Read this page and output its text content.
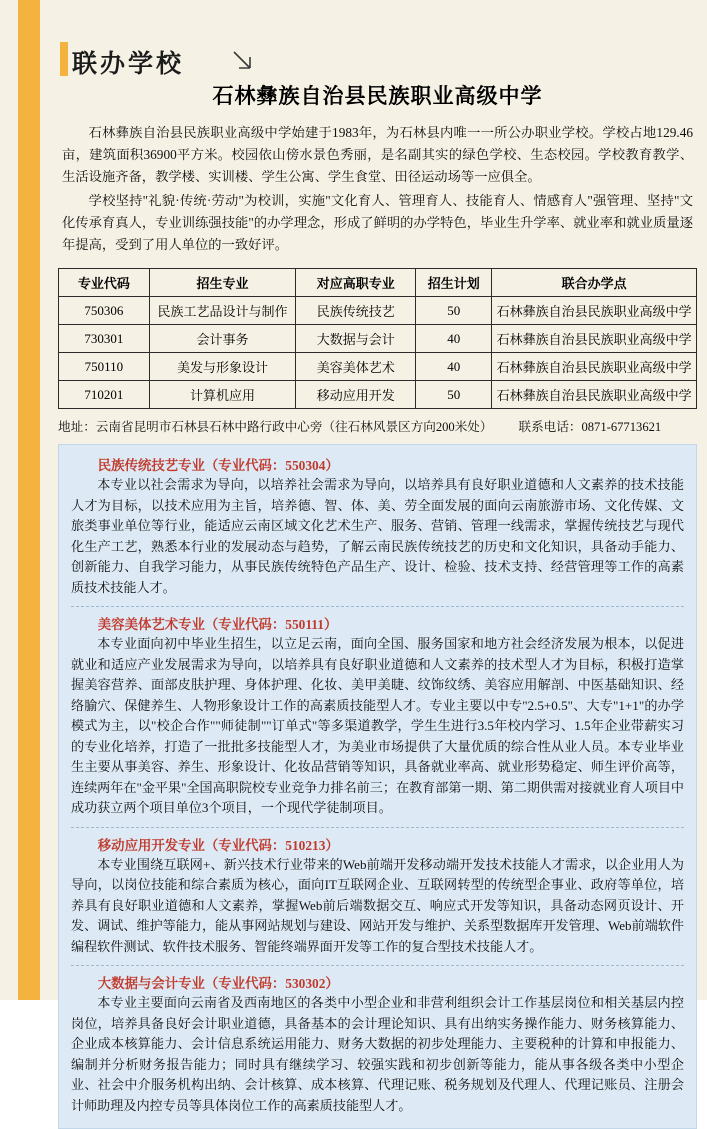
联办学校
石林彝族自治县民族职业高级中学

石林彝族自治县民族职业高级中学始建于1983年，为石林县内唯一一所公办职业学校。学校占地129.46亩，建筑面积36900平方米。校园依山傍水景色秀丽，是名副其实的绿色学校、生态校园。学校教育教学、生活设施齐备，教学楼、实训楼、学生公寓、学生食堂、田径运动场等一应俱全。

学校坚持"礼貌·传统·劳动"为校训，实施"文化育人、管理育人、技能育人、情感育人"强管理、坚持"文化传承育真人，专业训练强技能"的办学理念，形成了鲜明的办学特色，毕业生升学率、就业率和就业质量逐年提高，受到了用人单位的一致好评。

专业代码	招生专业	对应高职专业	招生计划	联合办学点
750306	民族工艺品设计与制作	民族传统技艺	50	石林彝族自治县民族职业高级中学
730301	会计事务	大数据与会计	40	石林彝族自治县民族职业高级中学
750110	美发与形象设计	美容美体艺术	40	石林彝族自治县民族职业高级中学
710201	计算机应用	移动应用开发	50	石林彝族自治县民族职业高级中学
地址：云南省昆明市石林县石林中路行政中心旁（往石林风景区方向200米处） 联系电话：0871-67713621
民族传统技艺专业（专业代码：550304）
本专业以社会需求为导向，以培养社会需求为导向，以培养具有良好职业道德和人文素养的技术技能人才为目标，以技术应用为主旨，培养德、智、体、美、劳全面发展的面向云南旅游市场、文化传媒、文旅类事业单位等行业，能适应云南区域文化艺术生产、服务、营销、管理一线需求，掌握传统技艺与现代化生产工艺，熟悉本行业的发展动态与趋势，了解云南民族传统技艺的历史和文化知识，具备动手能力、创新能力、自我学习能力，从事民族传统特色产品生产、设计、检验、技术支持、经营管理等工作的高素质技术技能人才。
美容美体艺术专业（专业代码：550111）
本专业面向初中毕业生招生，以立足云南，面向全国、服务国家和地方社会经济发展为根本，以促进就业和适应产业发展需求为导向，以培养具有良好职业道德和人文素养的技术型人才为目标，积极打造掌握美容营养、面部皮肤护理、身体护理、化妆、美甲美睫、纹饰纹绣、美容应用解剖、中医基础知识、经络腧穴、保健养生、人物形象设计工作的高素质技能型人才。专业主要以中专"2.5+0.5"、大专"1+1"的办学模式为主，以"校企合作""师徒制""订单式"等多渠道教学，学生生进行3.5年校内学习、1.5年企业带薪实习的专业化培养，打造了一批批多技能型人才，为美业市场提供了大量优质的综合性从业人员。本专业毕业生主要从事美容、养生、形象设计、化妆品营销等知识，具备就业率高、就业形势稳定、师生评价高等，连续两年在"金平果"全国高职院校专业竞争力排名前三；在教育部第一期、第二期供需对接就业育人项目中成功获立两个项目单位3个项目，一个现代学徒制项目。
移动应用开发专业（专业代码：510213）
本专业围绕互联网+、新兴技术行业带来的Web前端开发移动端开发技术技能人才需求，以企业用人为导向，以岗位技能和综合素质为核心，面向IT互联网企业、互联网转型的传统型企事业、政府等单位，培养具有良好职业道德和人文素养，掌握Web前后端数据交互、响应式开发等知识，具备动态网页设计、开发、调试、维护等能力，能从事网站规划与建设、网站开发与维护、关系型数据库开发管理、Web前端软件编程软件测试、软件技术服务、智能终端界面开发等工作的复合型技术技能人才。
大数据与会计专业（专业代码：530302）
本专业主要面向云南省及西南地区的各类中小型企业和非营利组织会计工作基层岗位和相关基层内控岗位，培养具备良好会计职业道德，具备基本的会计理论知识、具有出纳实务操作能力、财务核算能力、企业成本核算能力、会计信息系统运用能力、财务大数据的初步处理能力、主要税种的计算和申报能力、编制并分析财务报告能力；同时具有继续学习、较强实践和初步创新等能力，能从事各级各类中小型企业、社会中介服务机构出纳、会计核算、成本核算、代理记账、税务规划及代理人、代理记账员、注册会计师助理及内控专员等具体岗位工作的高素质技能型人才。
